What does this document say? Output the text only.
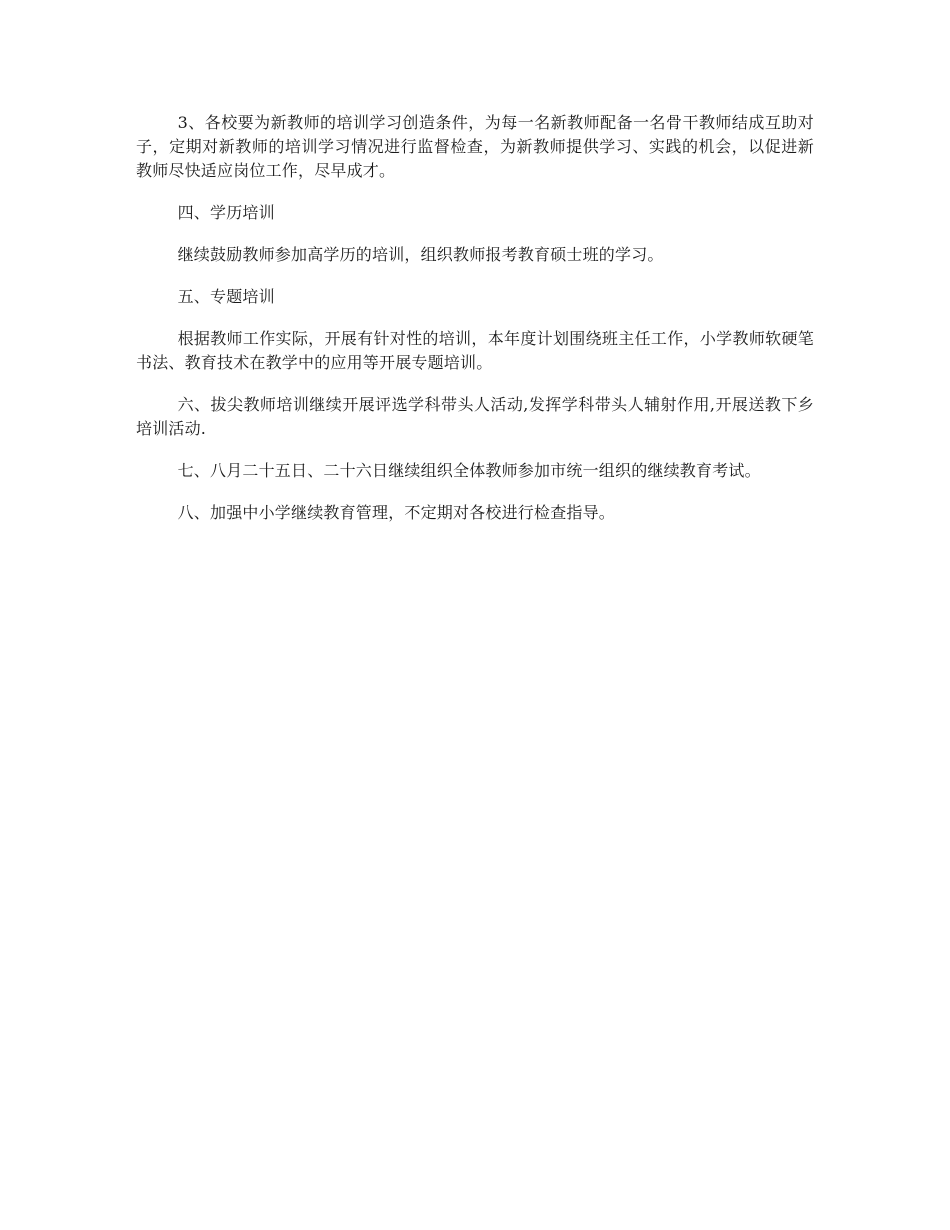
3、各校要为新教师的培训学习创造条件，为每一名新教师配备一名骨干教师结成互助对子，定期对新教师的培训学习情况进行监督检查，为新教师提供学习、实践的机会，以促进新教师尽快适应岗位工作，尽早成才。

四、学历培训

继续鼓励教师参加高学历的培训，组织教师报考教育硕士班的学习。

五、专题培训

根据教师工作实际，开展有针对性的培训，本年度计划围绕班主任工作，小学教师软硬笔书法、教育技术在教学中的应用等开展专题培训。

六、拔尖教师培训继续开展评选学科带头人活动,发挥学科带头人辅射作用,开展送教下乡培训活动.

七、八月二十五日、二十六日继续组织全体教师参加市统一组织的继续教育考试。

八、加强中小学继续教育管理，不定期对各校进行检查指导。
